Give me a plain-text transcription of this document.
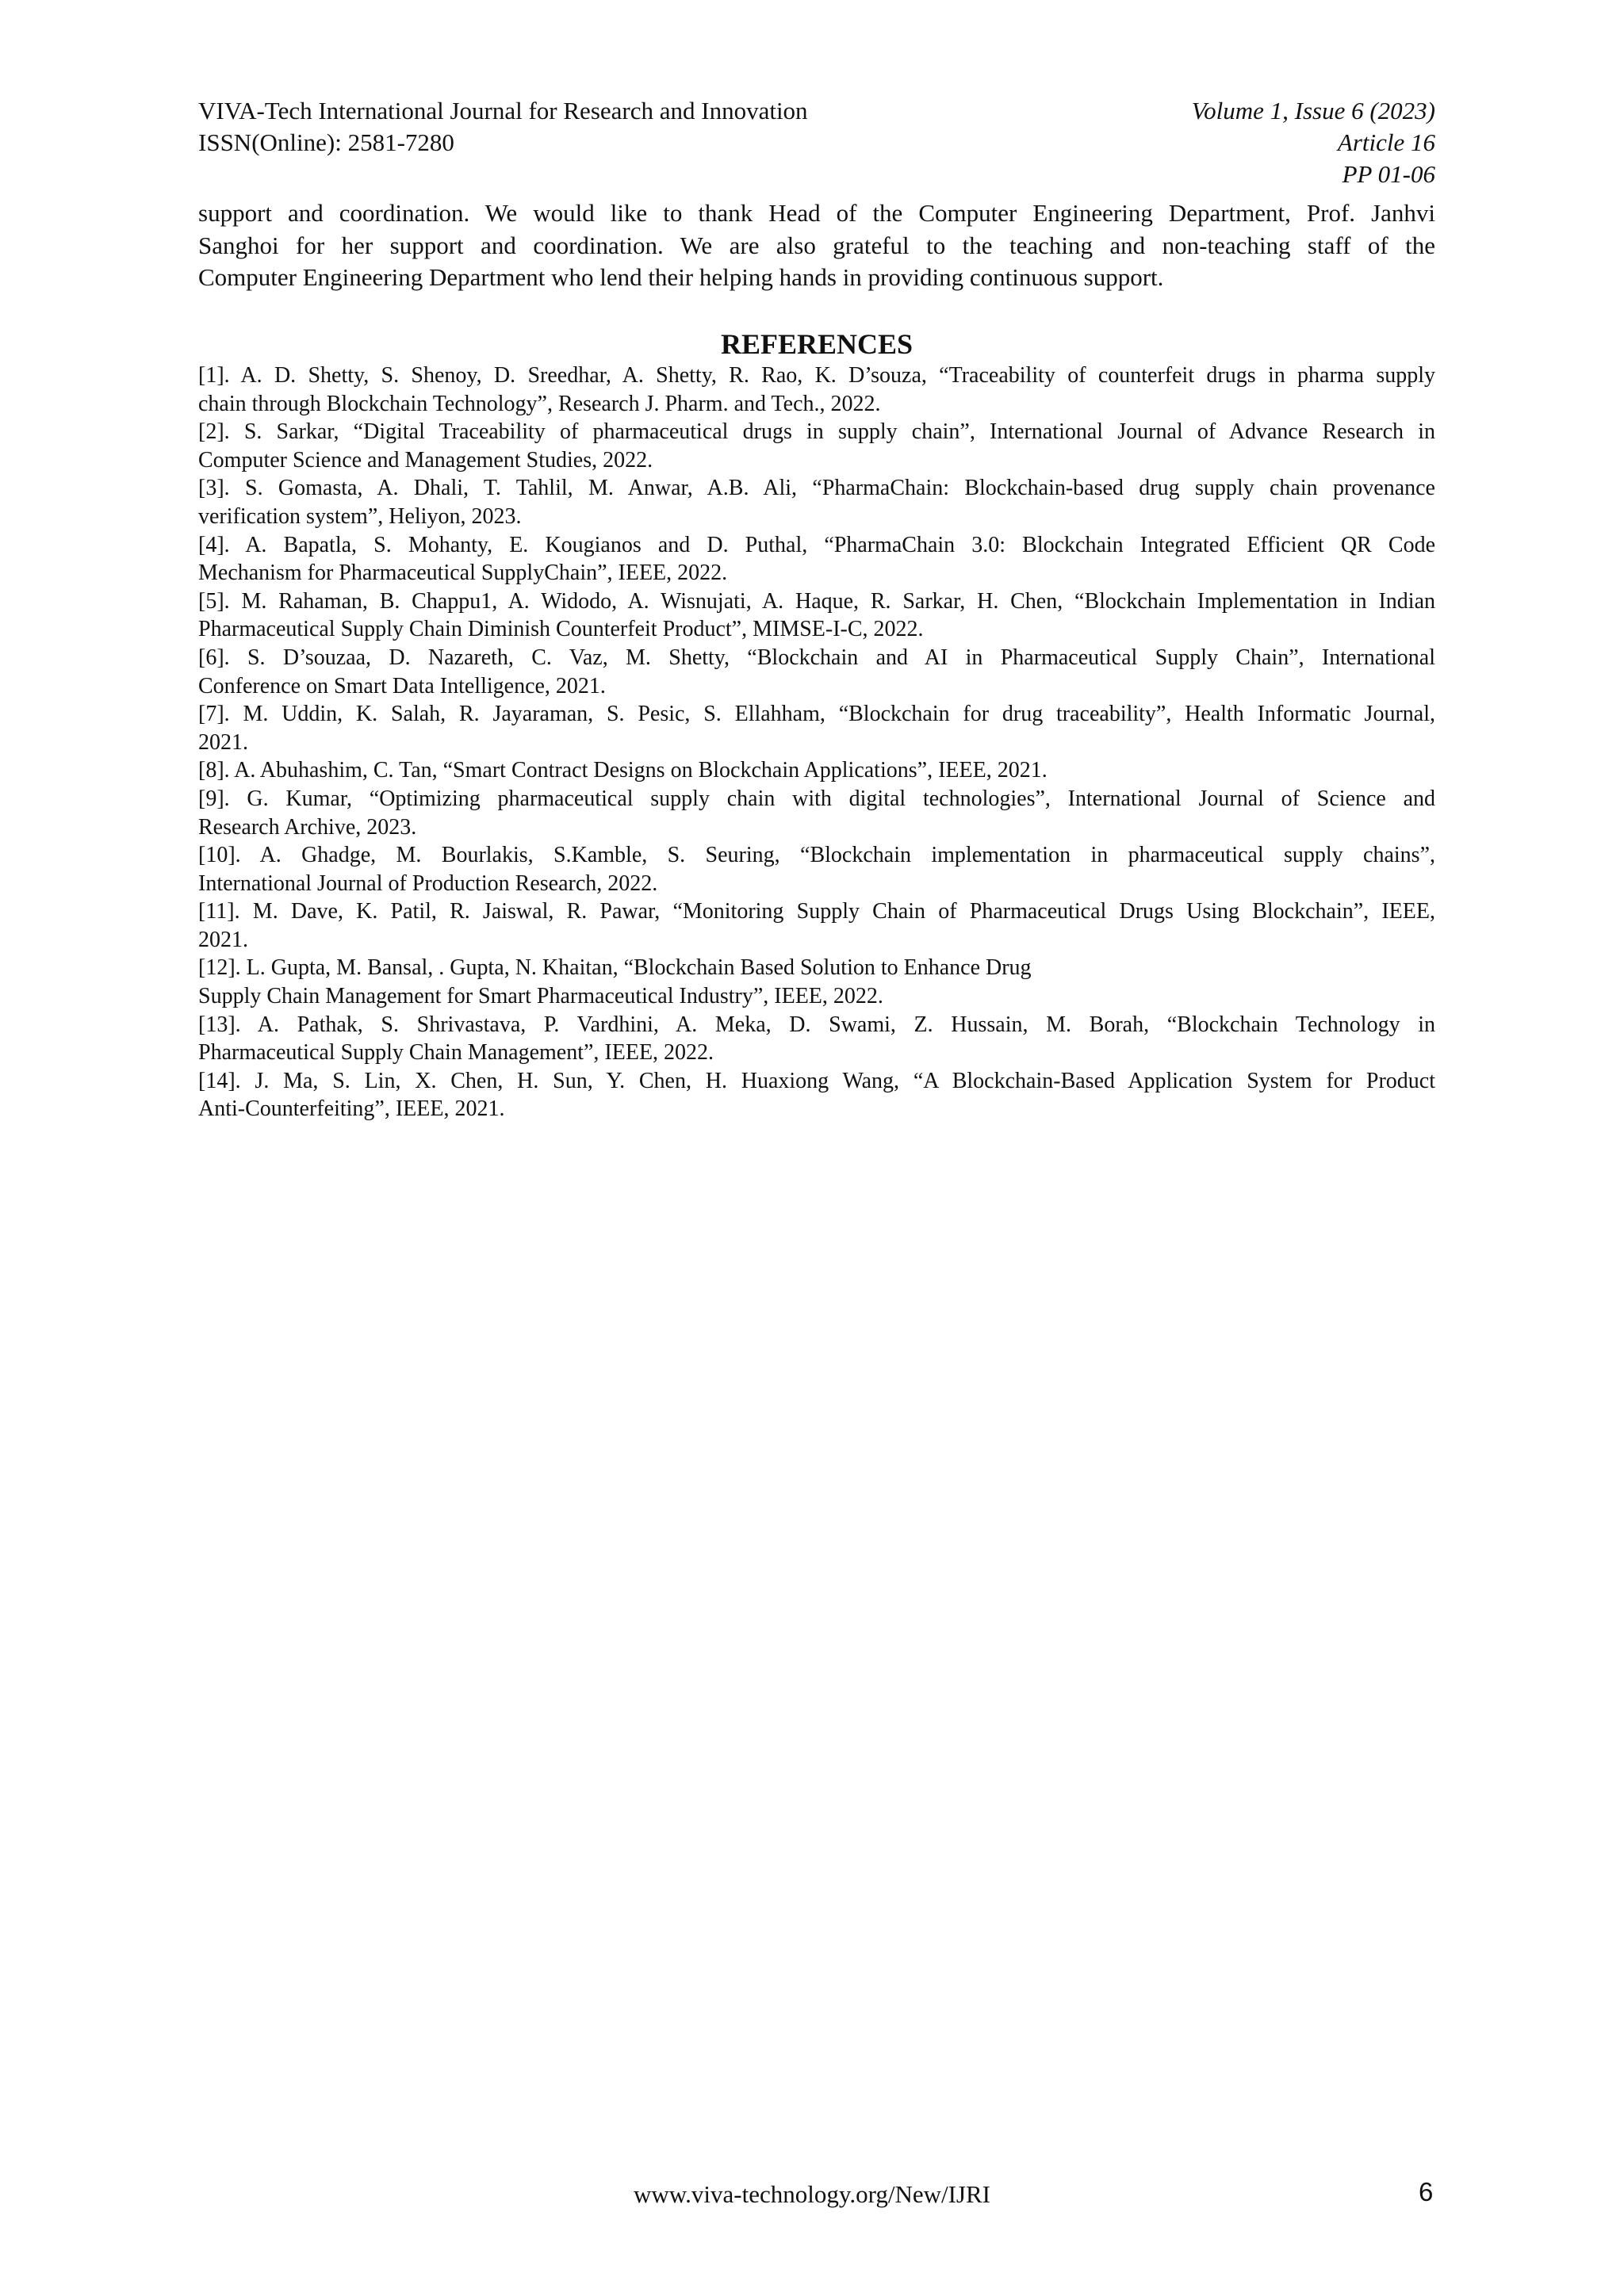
VIVA-Tech International Journal for Research and Innovation
ISSN(Online): 2581-7280
Volume 1, Issue 6 (2023)
Article 16
PP 01-06
support and coordination. We would like to thank Head of the Computer Engineering Department, Prof. Janhvi
Sanghoi for her support and coordination. We are also grateful to the teaching and non-teaching staff of the
Computer Engineering Department who lend their helping hands in providing continuous support.
REFERENCES
[1]. A. D. Shetty, S. Shenoy, D. Sreedhar, A. Shetty, R. Rao, K. D’souza, “Traceability of counterfeit drugs in pharma supply
chain through Blockchain Technology”, Research J. Pharm. and Tech., 2022.
[2]. S. Sarkar, “Digital Traceability of pharmaceutical drugs in supply chain”, International Journal of Advance Research in
Computer Science and Management Studies, 2022.
[3]. S. Gomasta, A. Dhali, T. Tahlil, M. Anwar, A.B. Ali, “PharmaChain: Blockchain-based drug supply chain provenance
verification system”, Heliyon, 2023.
[4]. A. Bapatla, S. Mohanty, E. Kougianos and D. Puthal, “PharmaChain 3.0: Blockchain Integrated Efficient QR Code
Mechanism for Pharmaceutical SupplyChain”, IEEE, 2022.
[5]. M. Rahaman, B. Chappu1, A. Widodo, A. Wisnujati, A. Haque, R. Sarkar, H. Chen, “Blockchain Implementation in Indian
Pharmaceutical Supply Chain Diminish Counterfeit Product”, MIMSE-I-C, 2022.
[6]. S. D’souzaa, D. Nazareth, C. Vaz, M. Shetty, “Blockchain and AI in Pharmaceutical Supply Chain”, International
Conference on Smart Data Intelligence, 2021.
[7]. M. Uddin, K. Salah, R. Jayaraman, S. Pesic, S. Ellahham, “Blockchain for drug traceability”, Health Informatic Journal,
2021.
[8]. A. Abuhashim, C. Tan, “Smart Contract Designs on Blockchain Applications”, IEEE, 2021.
[9]. G. Kumar, “Optimizing pharmaceutical supply chain with digital technologies”, International Journal of Science and
Research Archive, 2023.
[10]. A. Ghadge, M. Bourlakis, S.Kamble, S. Seuring, “Blockchain implementation in pharmaceutical supply chains”,
International Journal of Production Research, 2022.
[11]. M. Dave, K. Patil, R. Jaiswal, R. Pawar, “Monitoring Supply Chain of Pharmaceutical Drugs Using Blockchain”, IEEE,
2021.
[12]. L. Gupta, M. Bansal, . Gupta, N. Khaitan, “Blockchain Based Solution to Enhance Drug
Supply Chain Management for Smart Pharmaceutical Industry”, IEEE, 2022.
[13]. A. Pathak, S. Shrivastava, P. Vardhini, A. Meka, D. Swami, Z. Hussain, M. Borah, “Blockchain Technology in
Pharmaceutical Supply Chain Management”, IEEE, 2022.
[14]. J. Ma, S. Lin, X. Chen, H. Sun, Y. Chen, H. Huaxiong Wang, “A Blockchain-Based Application System for Product
Anti-Counterfeiting”, IEEE, 2021.
www.viva-technology.org/New/IJRI	6
